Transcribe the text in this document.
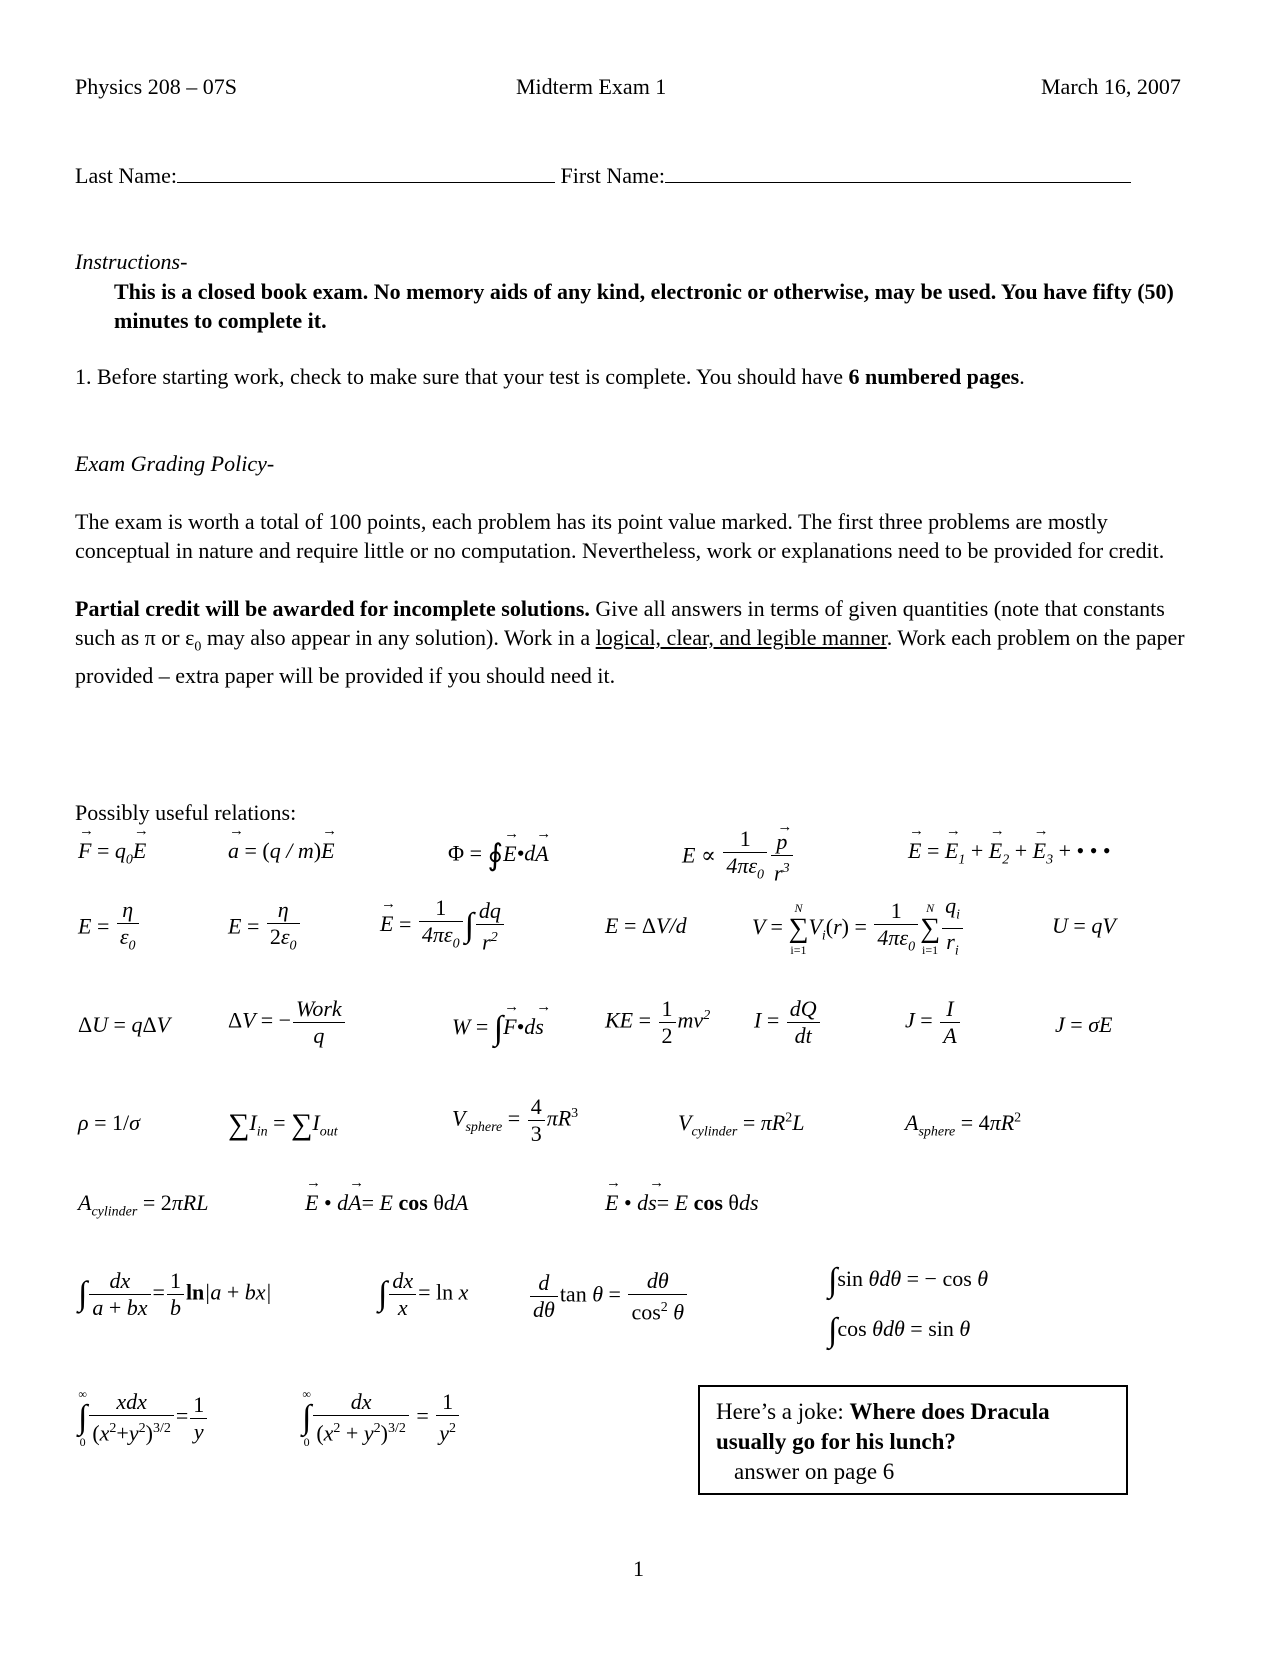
Physics 208 – 07S	Midterm Exam 1	March 16, 2007
Last Name:	First Name:
Instructions-
This is a closed book exam. No memory aids of any kind, electronic or otherwise, may be used. You have fifty (50) minutes to complete it.
1. Before starting work, check to make sure that your test is complete. You should have 6 numbered pages.
Exam Grading Policy-
The exam is worth a total of 100 points, each problem has its point value marked. The first three problems are mostly conceptual in nature and require little or no computation. Nevertheless, work or explanations need to be provided for credit.
Partial credit will be awarded for incomplete solutions. Give all answers in terms of given quantities (note that constants such as π or $\varepsilon_0$ may also appear in any solution). Work in a logical, clear, and legible manner. Work each problem on the paper provided – extra paper will be provided if you should need it.
Possibly useful relations:
→ $F = q_0\to E$
→	a = (q / m)→ E	Φ = ∮→ E•d→ A	$E \propto \frac{1}{4\pi\varepsilon_0}$
→ $\frac{p}{r^3}$
→	E = → $E_1$ + → $E_2$ + → $E_3$ + • • •
$E = \frac{\eta}{\varepsilon_0}$	$E = \frac{\eta}{2\varepsilon_0}$
→	$E = \frac{1}{4\pi\varepsilon_0}$ ∫ $\frac{dq}{r^2}$	E = ΔV/d	V =
N
∑
i=1
$V_i(r) = \frac{1}{4\pi\varepsilon_0}$ N
∑
$i=1 \frac{q_i}{r_i}$	U = qV
ΔU = qΔV	ΔV = − $\frac{\text{Work}}{q}$	W = ∫→ F•d→ s	KE = $\frac{1}{2} mv^2$ $I = \frac{dQ}{dt}$	$J = \frac{I}{A}$	J = σE
ρ = 1/σ	$\sum I_{in} = \sum I_{out}$
$V_{sphere} = \frac{4}{3} \pi R^3$	$V_{cylinder} = \pi R^2L$	$A_{sphere} = 4\pi R^2$
$A_{cylinder} = 2\pi RL$
→	E • d→ A= E cos θdA
→	E • d→ s= E cos θds
∫ $\frac{dx}{a + bx} = \frac{1}{b} \ln|a + bx|$	∫ $\frac{dx}{x} = \ln x$	$\frac{d}{d\theta}$ $\tan \theta = \frac{d\theta}{\cos^2 \theta}$	∫sin θdθ = − cos θ
∫cos θdθ = sin θ
∞
∫
$0 \frac{\text{xdx}}{(x^2+y^2)^{3/2}} = \frac{1}{y}$	∞
∫
$0 \frac{dx}{(x^2 + y^2)^{3/2}} = \frac{1}{y^2}$	Here’s a joke: Where does Dracula usually go for his lunch?
answer on page 6
1
